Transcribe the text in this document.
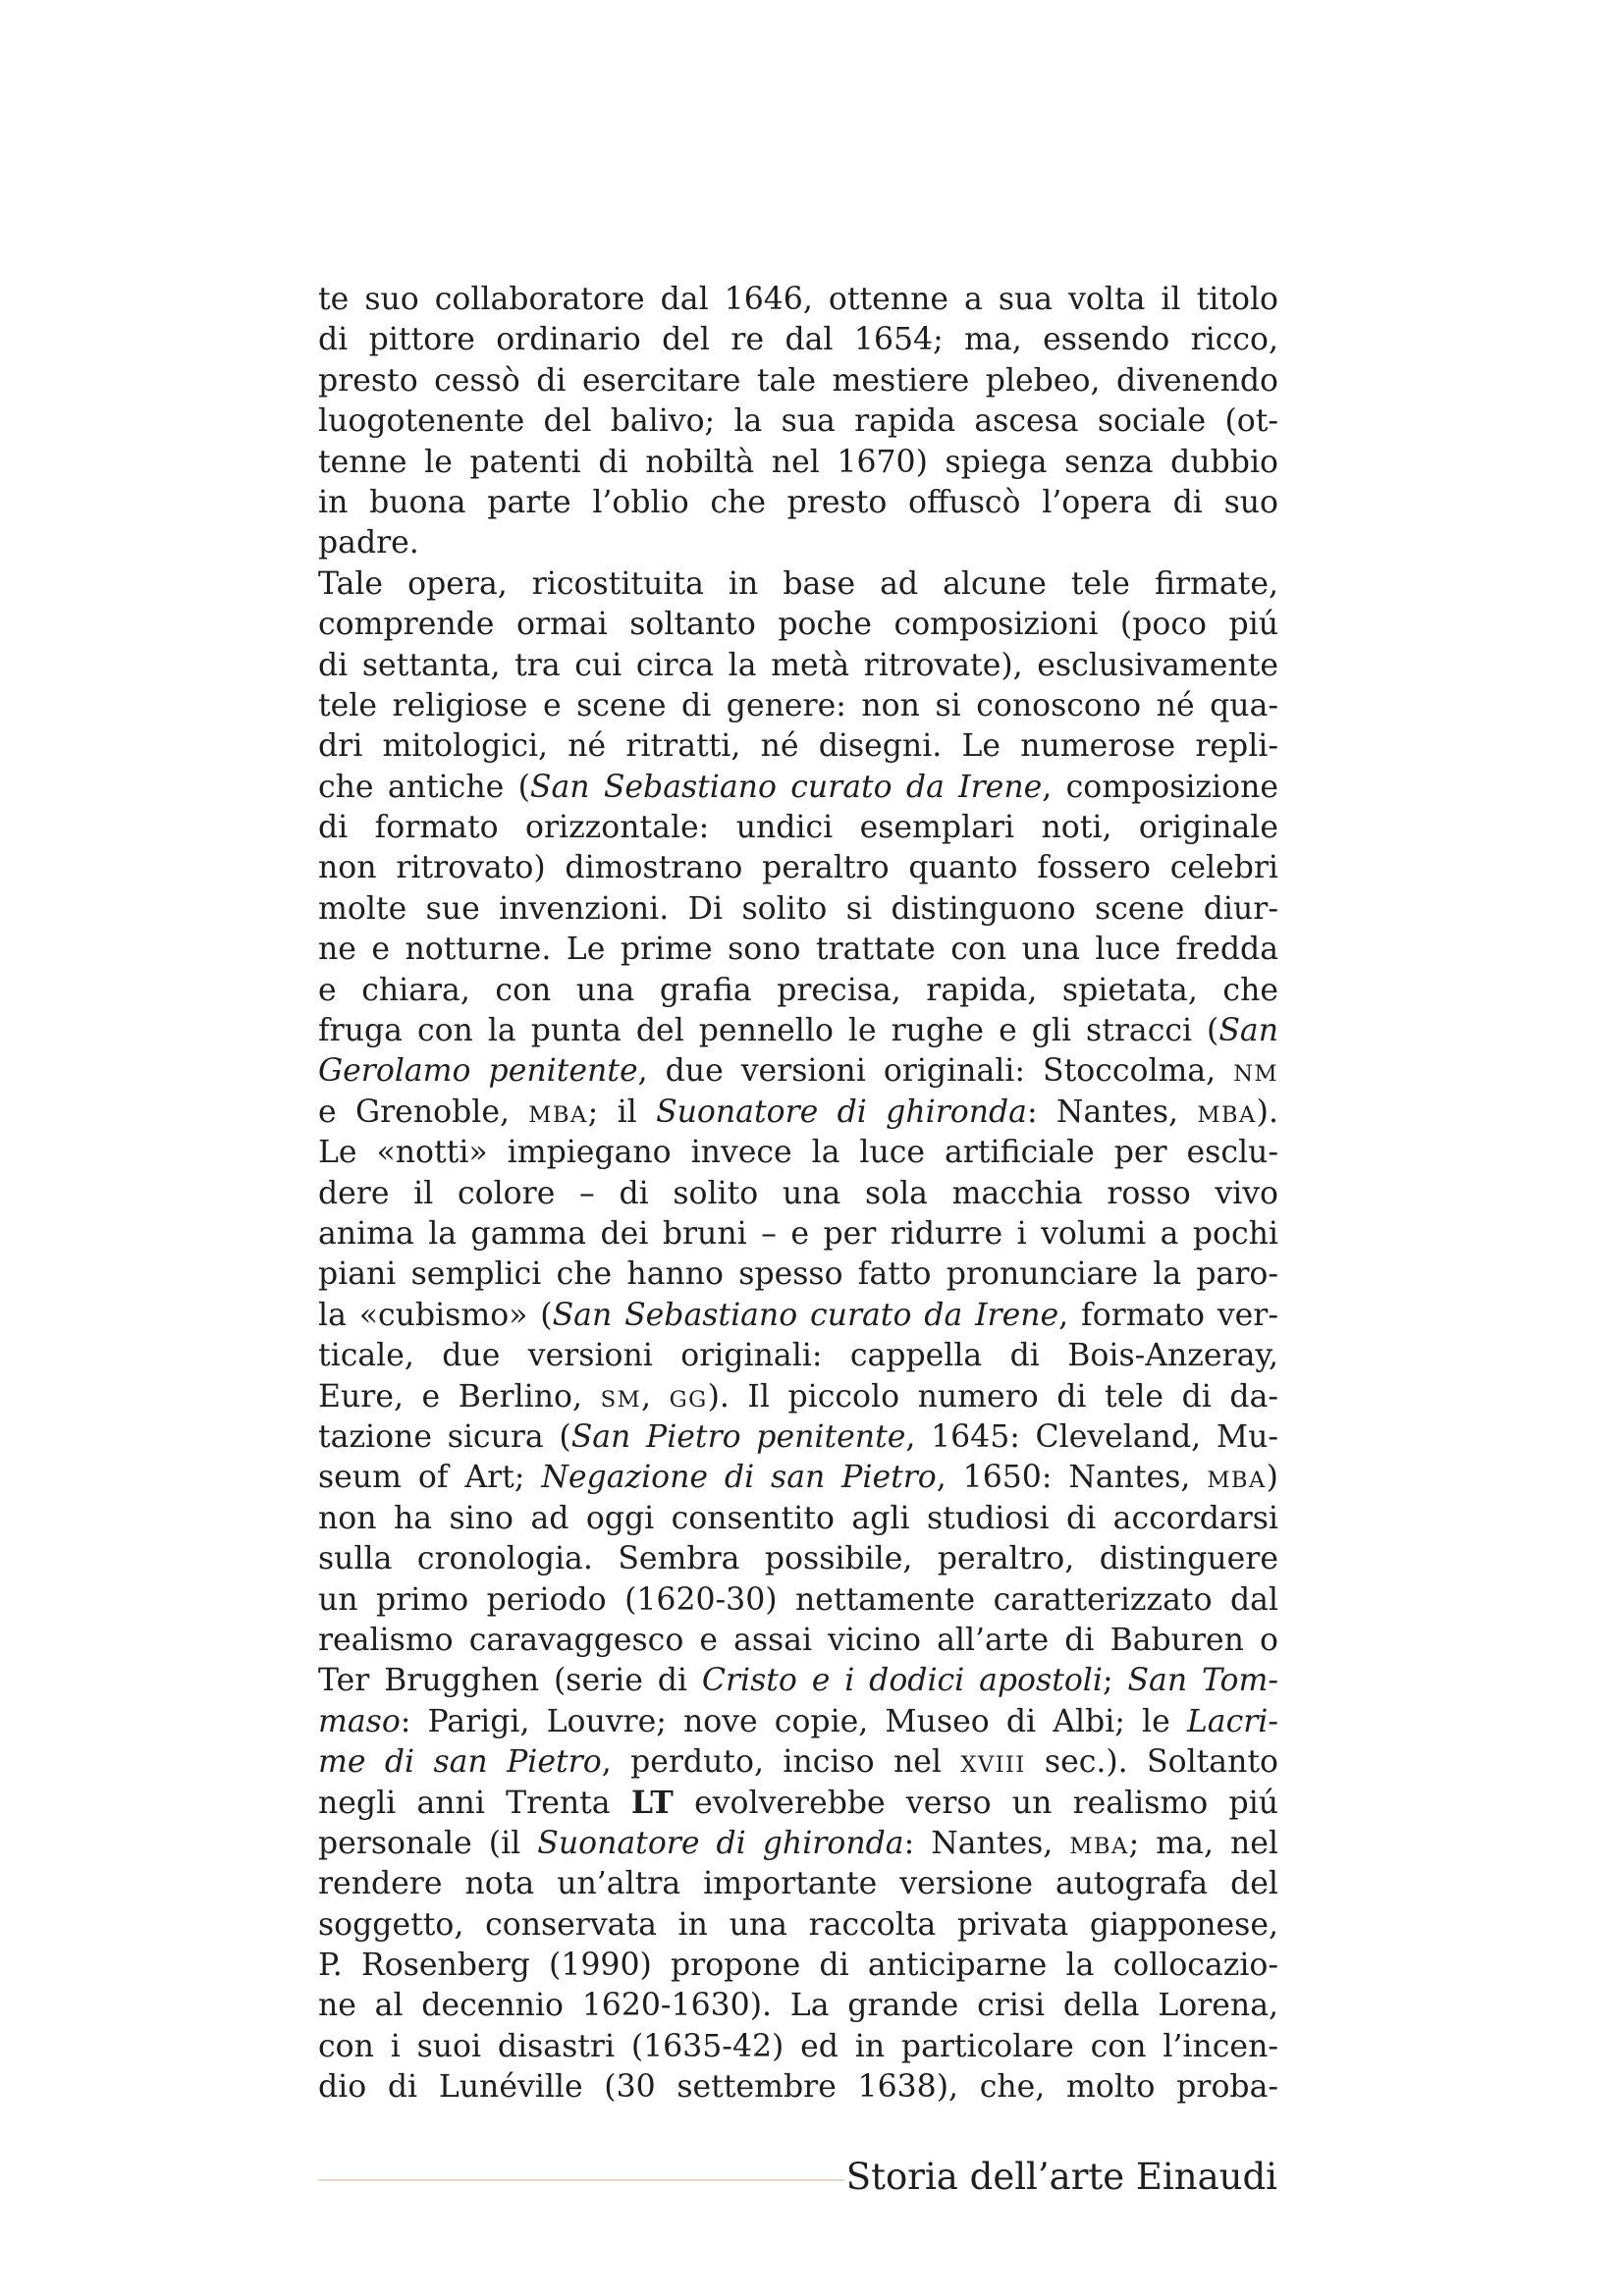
te suo collaboratore dal 1646, ottenne a sua volta il titolo
di pittore ordinario del re dal 1654; ma, essendo ricco,
presto cessò di esercitare tale mestiere plebeo, divenendo
luogotenente del balivo; la sua rapida ascesa sociale (ot-
tenne le patenti di nobiltà nel 1670) spiega senza dubbio
in buona parte l’oblio che presto offuscò l’opera di suo
padre.
Tale opera, ricostituita in base ad alcune tele firmate,
comprende ormai soltanto poche composizioni (poco piú
di settanta, tra cui circa la metà ritrovate), esclusivamente
tele religiose e scene di genere: non si conoscono né qua-
dri mitologici, né ritratti, né disegni. Le numerose repli-
che antiche (San Sebastiano curato da Irene, composizione
di formato orizzontale: undici esemplari noti, originale
non ritrovato) dimostrano peraltro quanto fossero celebri
molte sue invenzioni. Di solito si distinguono scene diur-
ne e notturne. Le prime sono trattate con una luce fredda
e chiara, con una grafia precisa, rapida, spietata, che
fruga con la punta del pennello le rughe e gli stracci (San
Gerolamo penitente, due versioni originali: Stoccolma, NM
e Grenoble, MBA; il Suonatore di ghironda: Nantes, MBA).
Le «notti» impiegano invece la luce artificiale per esclu-
dere il colore – di solito una sola macchia rosso vivo
anima la gamma dei bruni – e per ridurre i volumi a pochi
piani semplici che hanno spesso fatto pronunciare la paro-
la «cubismo» (San Sebastiano curato da Irene, formato ver-
ticale, due versioni originali: cappella di Bois-Anzeray,
Eure, e Berlino, SM, GG). Il piccolo numero di tele di da-
tazione sicura (San Pietro penitente, 1645: Cleveland, Mu-
seum of Art; Negazione di san Pietro, 1650: Nantes, MBA)
non ha sino ad oggi consentito agli studiosi di accordarsi
sulla cronologia. Sembra possibile, peraltro, distinguere
un primo periodo (1620-30) nettamente caratterizzato dal
realismo caravaggesco e assai vicino all’arte di Baburen o
Ter Brugghen (serie di Cristo e i dodici apostoli; San Tom-
maso: Parigi, Louvre; nove copie, Museo di Albi; le Lacri-
me di san Pietro, perduto, inciso nel XVIII sec.). Soltanto
negli anni Trenta LT evolverebbe verso un realismo piú
personale (il Suonatore di ghironda: Nantes, MBA; ma, nel
rendere nota un’altra importante versione autografa del
soggetto, conservata in una raccolta privata giapponese,
P. Rosenberg (1990) propone di anticiparne la collocazio-
ne al decennio 1620-1630). La grande crisi della Lorena,
con i suoi disastri (1635-42) ed in particolare con l’incen-
dio di Lunéville (30 settembre 1638), che, molto proba-
Storia dell’arte Einaudi
